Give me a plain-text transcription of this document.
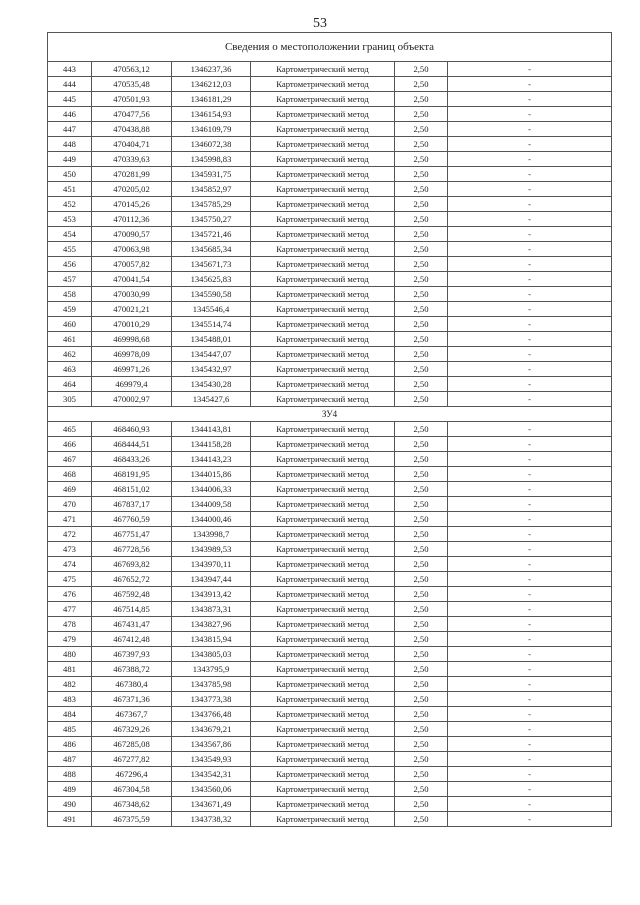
53
Сведения о местоположении границ объекта					
443	470563,12	1346237,36	Картометрический метод	2,50	-
444	470535,48	1346212,03	Картометрический метод	2,50	-
445	470501,93	1346181,29	Картометрический метод	2,50	-
446	470477,56	1346154,93	Картометрический метод	2,50	-
447	470438,88	1346109,79	Картометрический метод	2,50	-
448	470404,71	1346072,38	Картометрический метод	2,50	-
449	470339,63	1345998,83	Картометрический метод	2,50	-
450	470281,99	1345931,75	Картометрический метод	2,50	-
451	470205,02	1345852,97	Картометрический метод	2,50	-
452	470145,26	1345785,29	Картометрический метод	2,50	-
453	470112,36	1345750,27	Картометрический метод	2,50	-
454	470090,57	1345721,46	Картометрический метод	2,50	-
455	470063,98	1345685,34	Картометрический метод	2,50	-
456	470057,82	1345671,73	Картометрический метод	2,50	-
457	470041,54	1345625,83	Картометрический метод	2,50	-
458	470030,99	1345590,58	Картометрический метод	2,50	-
459	470021,21	1345546,4	Картометрический метод	2,50	-
460	470010,29	1345514,74	Картометрический метод	2,50	-
461	469998,68	1345488,01	Картометрический метод	2,50	-
462	469978,09	1345447,07	Картометрический метод	2,50	-
463	469971,26	1345432,97	Картометрический метод	2,50	-
464	469979,4	1345430,28	Картометрический метод	2,50	-
305	470002,97	1345427,6	Картометрический метод	2,50	-
ЗУ4					
465	468460,93	1344143,81	Картометрический метод	2,50	-
466	468444,51	1344158,28	Картометрический метод	2,50	-
467	468433,26	1344143,23	Картометрический метод	2,50	-
468	468191,95	1344015,86	Картометрический метод	2,50	-
469	468151,02	1344006,33	Картометрический метод	2,50	-
470	467837,17	1344009,58	Картометрический метод	2,50	-
471	467760,59	1344000,46	Картометрический метод	2,50	-
472	467751,47	1343998,7	Картометрический метод	2,50	-
473	467728,56	1343989,53	Картометрический метод	2,50	-
474	467693,82	1343970,11	Картометрический метод	2,50	-
475	467652,72	1343947,44	Картометрический метод	2,50	-
476	467592,48	1343913,42	Картометрический метод	2,50	-
477	467514,85	1343873,31	Картометрический метод	2,50	-
478	467431,47	1343827,96	Картометрический метод	2,50	-
479	467412,48	1343815,94	Картометрический метод	2,50	-
480	467397,93	1343805,03	Картометрический метод	2,50	-
481	467388,72	1343795,9	Картометрический метод	2,50	-
482	467380,4	1343785,98	Картометрический метод	2,50	-
483	467371,36	1343773,38	Картометрический метод	2,50	-
484	467367,7	1343766,48	Картометрический метод	2,50	-
485	467329,26	1343679,21	Картометрический метод	2,50	-
486	467285,08	1343567,86	Картометрический метод	2,50	-
487	467277,82	1343549,93	Картометрический метод	2,50	-
488	467296,4	1343542,31	Картометрический метод	2,50	-
489	467304,58	1343560,06	Картометрический метод	2,50	-
490	467348,62	1343671,49	Картометрический метод	2,50	-
491	467375,59	1343738,32	Картометрический метод	2,50	-
